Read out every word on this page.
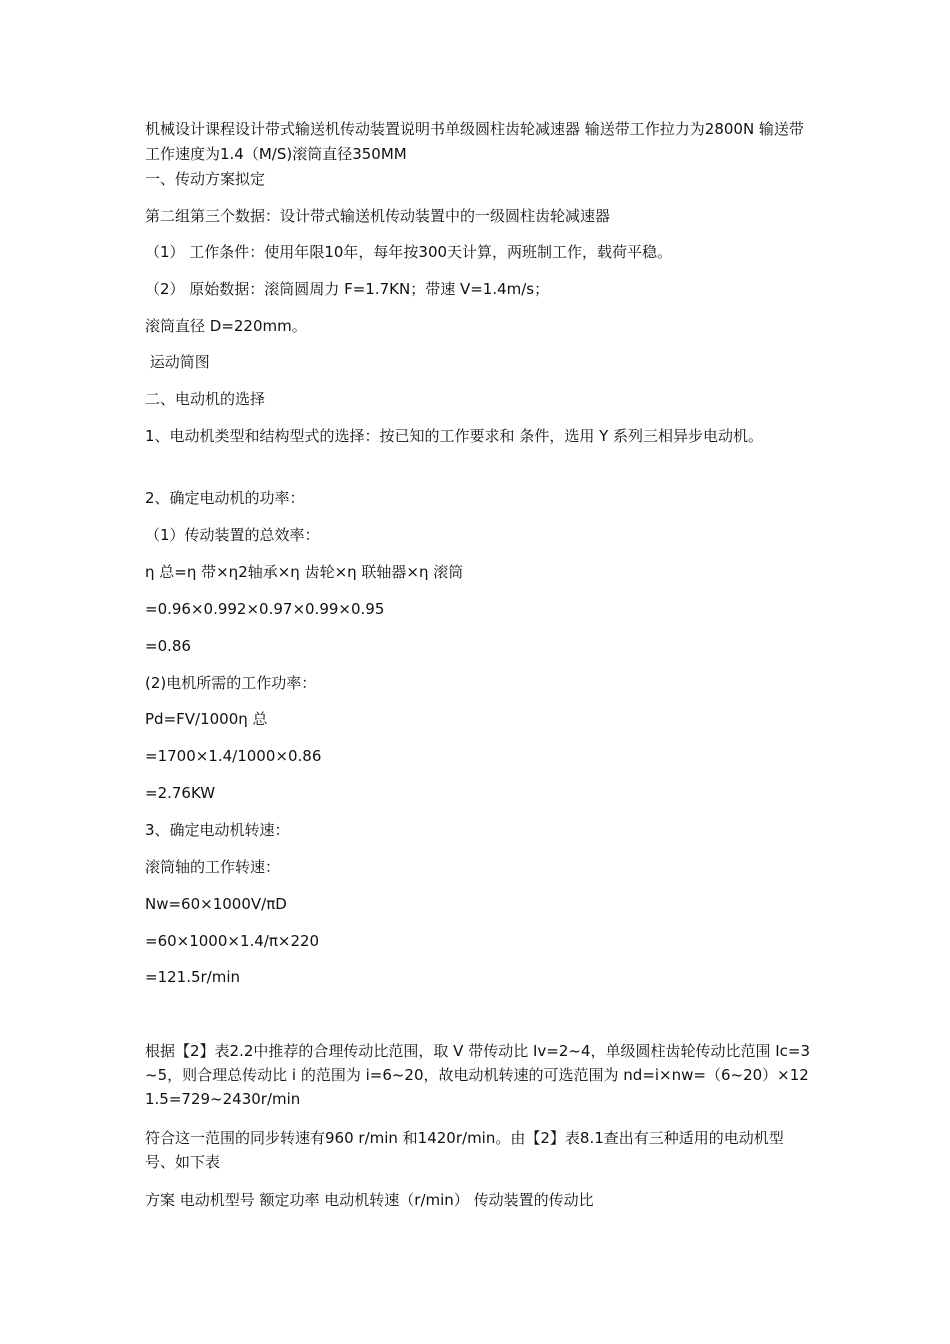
机械设计课程设计带式输送机传动装置说明书单级圆柱齿轮减速器 输送带工作拉力为2800N 输送带工作速度为1.4（M/S)滚筒直径350MM

一、传动方案拟定

第二组第三个数据：设计带式输送机传动装置中的一级圆柱齿轮减速器

（1） 工作条件：使用年限10年，每年按300天计算，两班制工作，载荷平稳。

（2） 原始数据：滚筒圆周力 F=1.7KN；带速 V=1.4m/s；

滚筒直径 D=220mm。

运动简图

二、电动机的选择

1、电动机类型和结构型式的选择：按已知的工作要求和 条件，选用 Y 系列三相异步电动机。

2、确定电动机的功率：

（1）传动装置的总效率：

η 总=η 带×η2轴承×η 齿轮×η 联轴器×η 滚筒

=0.96×0.992×0.97×0.99×0.95

=0.86

(2)电机所需的工作功率：

Pd=FV/1000η 总

=1700×1.4/1000×0.86

=2.76KW

3、确定电动机转速：

滚筒轴的工作转速：

Nw=60×1000V/πD

=60×1000×1.4/π×220

=121.5r/min

根据【2】表2.2中推荐的合理传动比范围，取 V 带传动比 Iv=2~4，单级圆柱齿轮传动比范围 Ic=3~5，则合理总传动比 i 的范围为 i=6~20，故电动机转速的可选范围为 nd=i×nw=（6~20）×121.5=729~2430r/min

符合这一范围的同步转速有960 r/min 和1420r/min。由【2】表8.1查出有三种适用的电动机型号、如下表

方案 电动机型号 额定功率 电动机转速（r/min） 传动装置的传动比
